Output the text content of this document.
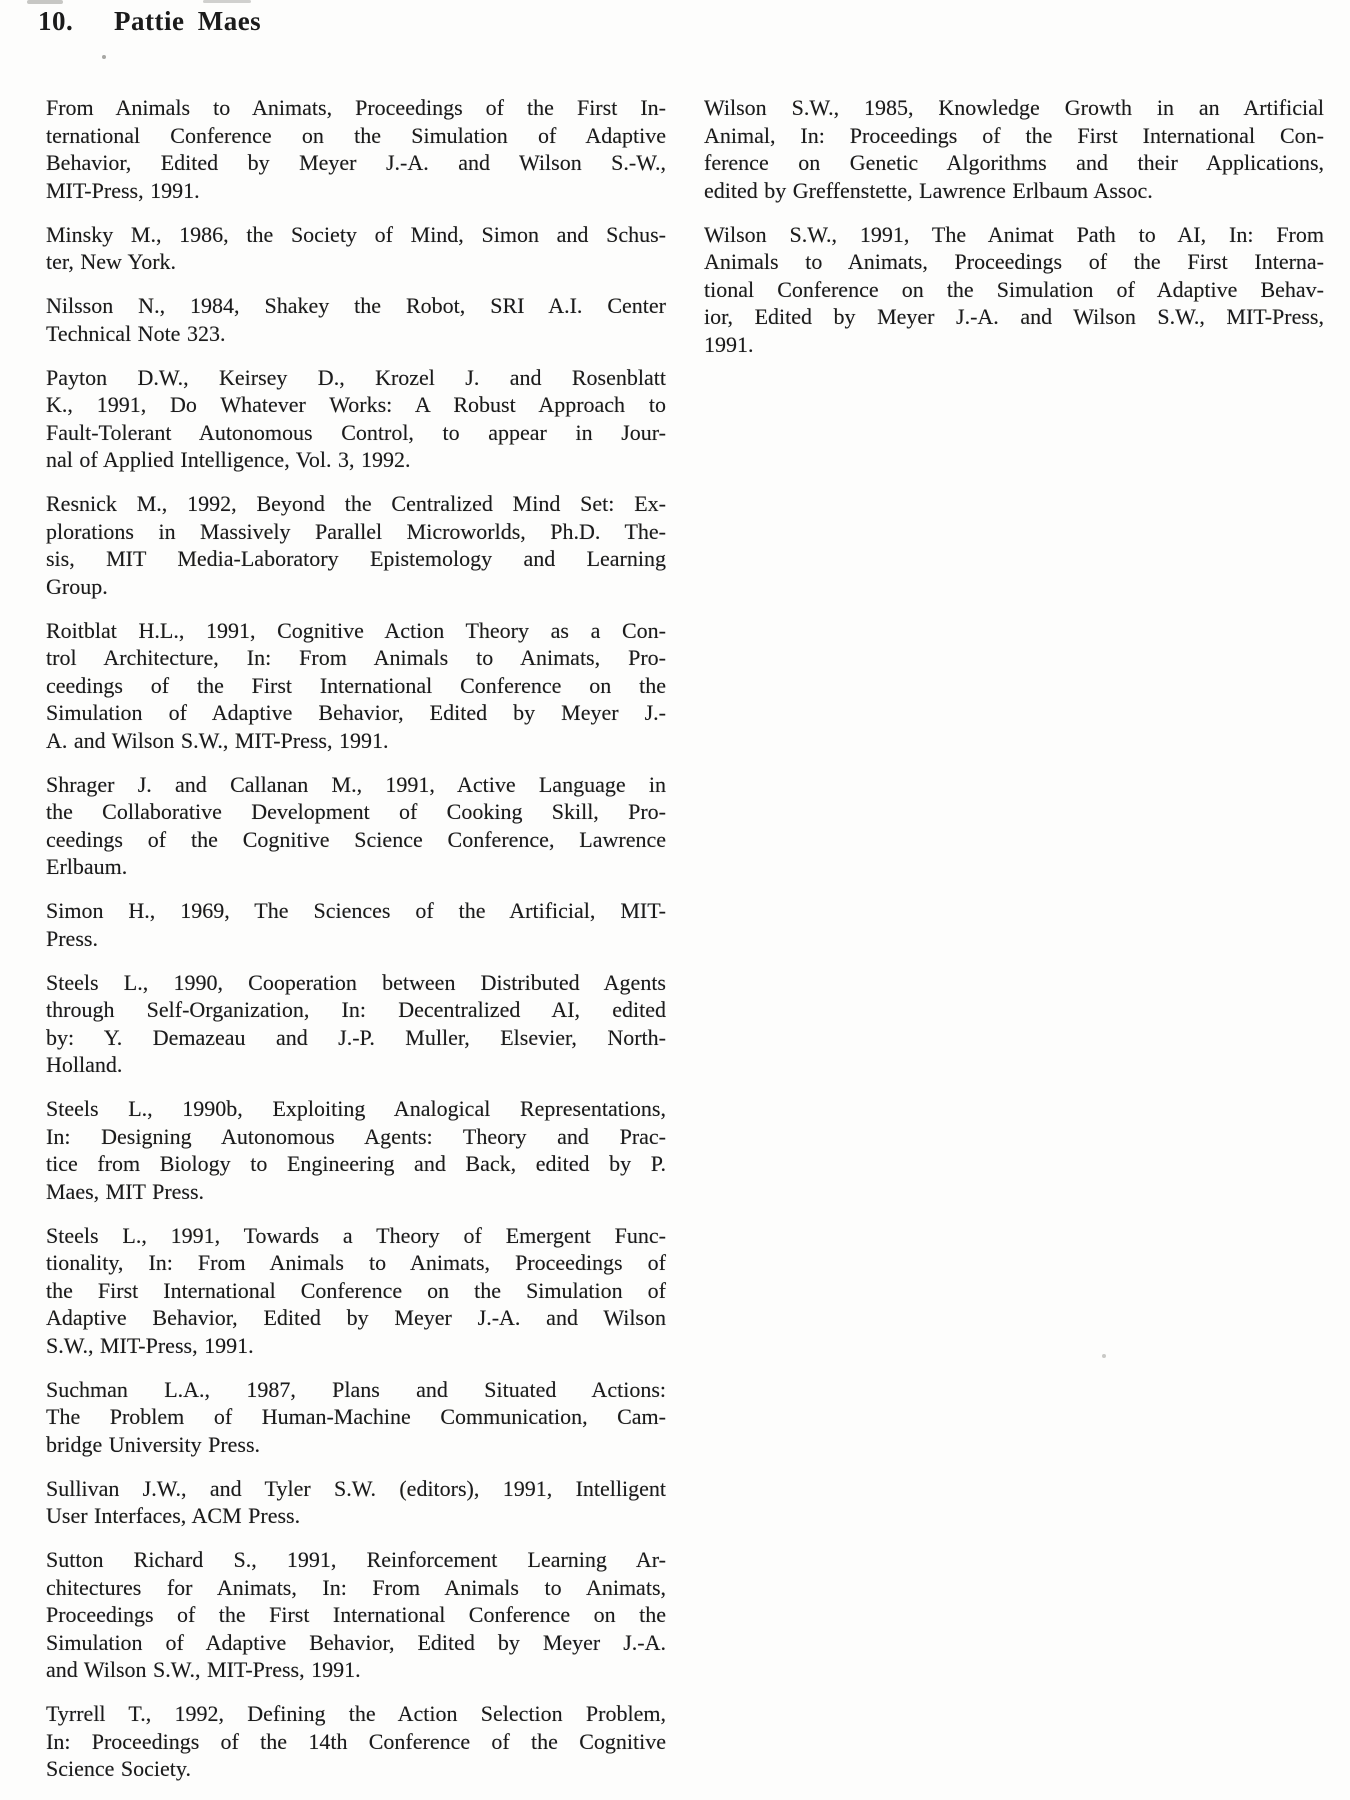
10. Pattie Maes
From Animals to Animats, Proceedings of the First In-
ternational Conference on the Simulation of Adaptive
Behavior, Edited by Meyer J.-A. and Wilson S.-W.,
MIT-Press, 1991.
Minsky M., 1986, the Society of Mind, Simon and Schus-
ter, New York.
Nilsson N., 1984, Shakey the Robot, SRI A.I. Center
Technical Note 323.
Payton D.W., Keirsey D., Krozel J. and Rosenblatt
K., 1991, Do Whatever Works: A Robust Approach to
Fault-Tolerant Autonomous Control, to appear in Jour-
nal of Applied Intelligence, Vol. 3, 1992.
Resnick M., 1992, Beyond the Centralized Mind Set: Ex-
plorations in Massively Parallel Microworlds, Ph.D. The-
sis, MIT Media-Laboratory Epistemology and Learning
Group.
Roitblat H.L., 1991, Cognitive Action Theory as a Con-
trol Architecture, In: From Animals to Animats, Pro-
ceedings of the First International Conference on the
Simulation of Adaptive Behavior, Edited by Meyer J.-
A. and Wilson S.W., MIT-Press, 1991.
Shrager J. and Callanan M., 1991, Active Language in
the Collaborative Development of Cooking Skill, Pro-
ceedings of the Cognitive Science Conference, Lawrence
Erlbaum.
Simon H., 1969, The Sciences of the Artificial, MIT-
Press.
Steels L., 1990, Cooperation between Distributed Agents
through Self-Organization, In: Decentralized AI, edited
by: Y. Demazeau and J.-P. Muller, Elsevier, North-
Holland.
Steels L., 1990b, Exploiting Analogical Representations,
In: Designing Autonomous Agents: Theory and Prac-
tice from Biology to Engineering and Back, edited by P.
Maes, MIT Press.
Steels L., 1991, Towards a Theory of Emergent Func-
tionality, In: From Animals to Animats, Proceedings of
the First International Conference on the Simulation of
Adaptive Behavior, Edited by Meyer J.-A. and Wilson
S.W., MIT-Press, 1991.
Suchman L.A., 1987, Plans and Situated Actions:
The Problem of Human-Machine Communication, Cam-
bridge University Press.
Sullivan J.W., and Tyler S.W. (editors), 1991, Intelligent
User Interfaces, ACM Press.
Sutton Richard S., 1991, Reinforcement Learning Ar-
chitectures for Animats, In: From Animals to Animats,
Proceedings of the First International Conference on the
Simulation of Adaptive Behavior, Edited by Meyer J.-A.
and Wilson S.W., MIT-Press, 1991.
Tyrrell T., 1992, Defining the Action Selection Problem,
In: Proceedings of the 14th Conference of the Cognitive
Science Society.
Wilson S.W., 1985, Knowledge Growth in an Artificial
Animal, In: Proceedings of the First International Con-
ference on Genetic Algorithms and their Applications,
edited by Greffenstette, Lawrence Erlbaum Assoc.
Wilson S.W., 1991, The Animat Path to AI, In: From
Animals to Animats, Proceedings of the First Interna-
tional Conference on the Simulation of Adaptive Behav-
ior, Edited by Meyer J.-A. and Wilson S.W., MIT-Press,
1991.
